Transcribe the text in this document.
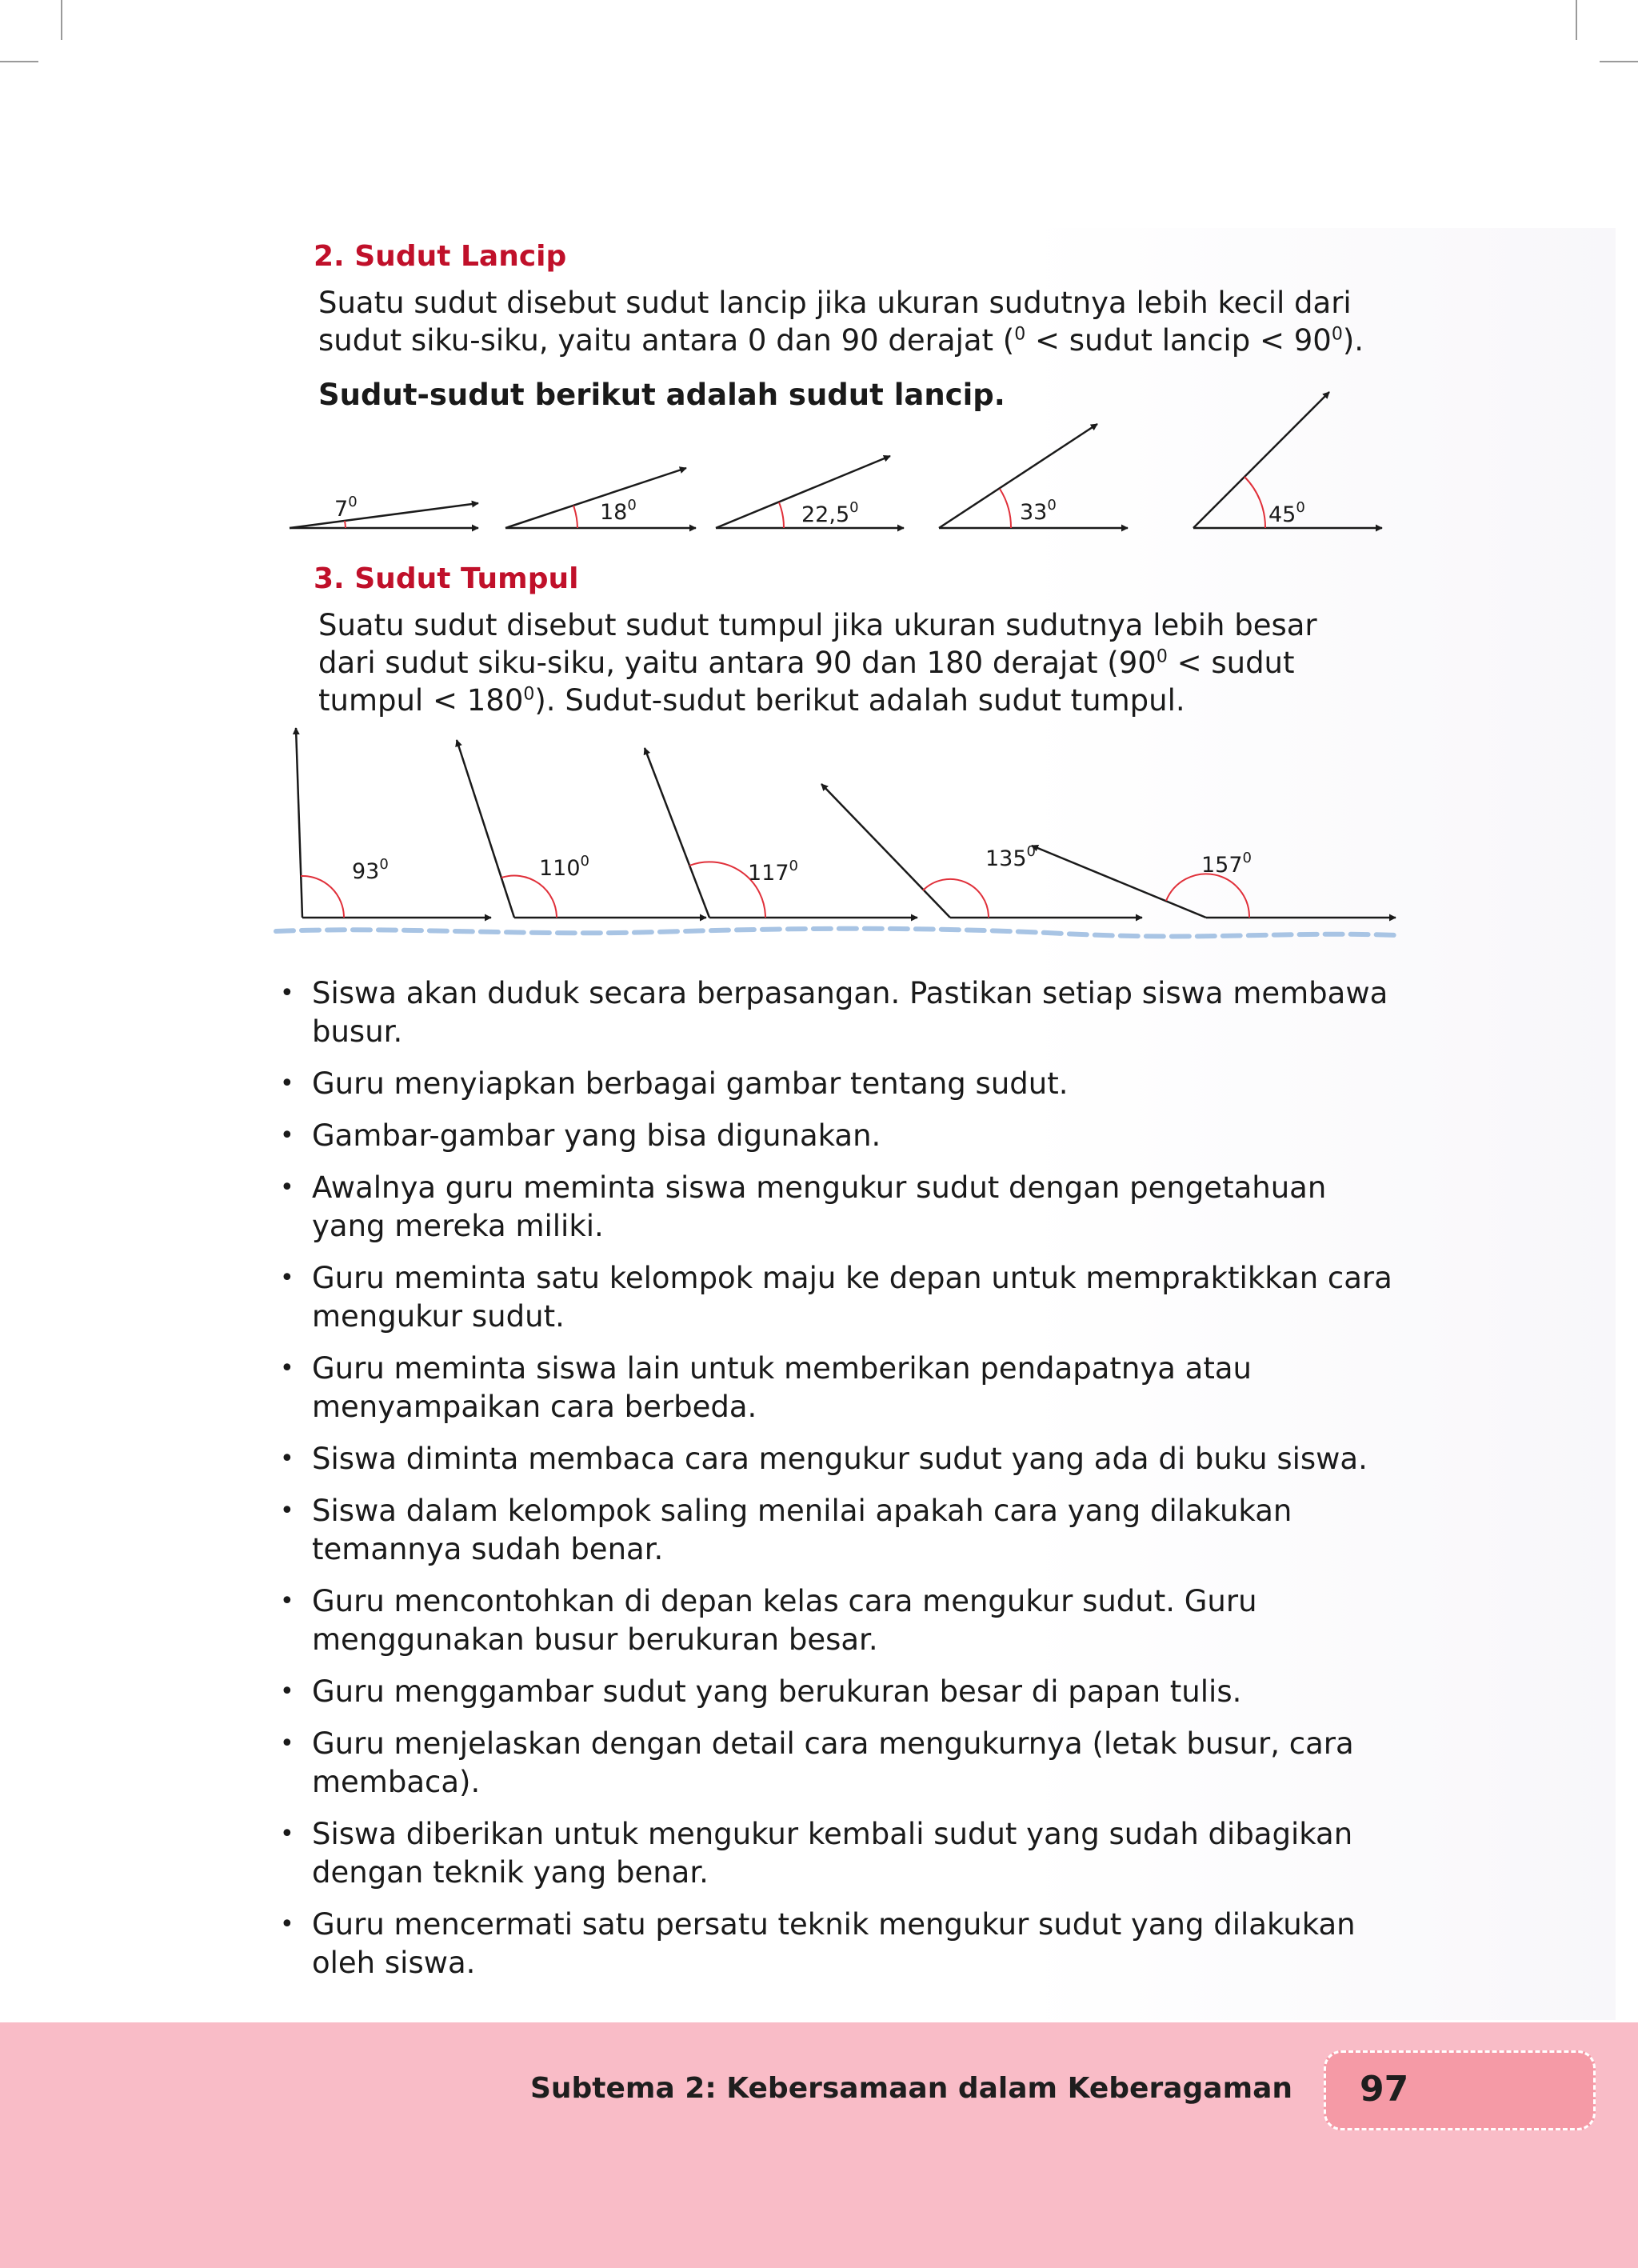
2. Sudut Lancip

Suatu sudut disebut sudut lancip jika ukuran sudutnya lebih kecil dari sudut siku-siku, yaitu antara 0 dan 90 derajat ($^0$ < sudut lancip < $90^0$).

Sudut-sudut berikut adalah sudut lancip.

3. Sudut Tumpul

Suatu sudut disebut sudut tumpul jika ukuran sudutnya lebih besar dari sudut siku-siku, yaitu antara 90 dan 180 derajat ($90^0$ < sudut tumpul < $180^0$). Sudut-sudut berikut adalah sudut tumpul.

$7^0$	$18^0$	22,5$^0$	$33^0$	$45^0$
$93^0$	$110^0$	$117^0$	$135^0$
$157^0$
• Siswa akan duduk secara berpasangan. Pastikan setiap siswa membawa busur.
• Guru menyiapkan berbagai gambar tentang sudut.
• Gambar-gambar yang bisa digunakan.
• Awalnya guru meminta siswa mengukur sudut dengan pengetahuan yang mereka miliki.
• Guru meminta satu kelompok maju ke depan untuk mempraktikkan cara mengukur sudut.
• Guru meminta siswa lain untuk memberikan pendapatnya atau menyampaikan cara berbeda.
• Siswa diminta membaca cara mengukur sudut yang ada di buku siswa.
• Siswa dalam kelompok saling menilai apakah cara yang dilakukan temannya sudah benar.
• Guru mencontohkan di depan kelas cara mengukur sudut. Guru menggunakan busur berukuran besar.
• Guru menggambar sudut yang berukuran besar di papan tulis.
• Guru menjelaskan dengan detail cara mengukurnya (letak busur, cara membaca).
• Siswa diberikan untuk mengukur kembali sudut yang sudah dibagikan dengan teknik yang benar.
• Guru mencermati satu persatu teknik mengukur sudut yang dilakukan oleh siswa.

Subtema 2: Kebersamaan dalam Keberagaman 97
